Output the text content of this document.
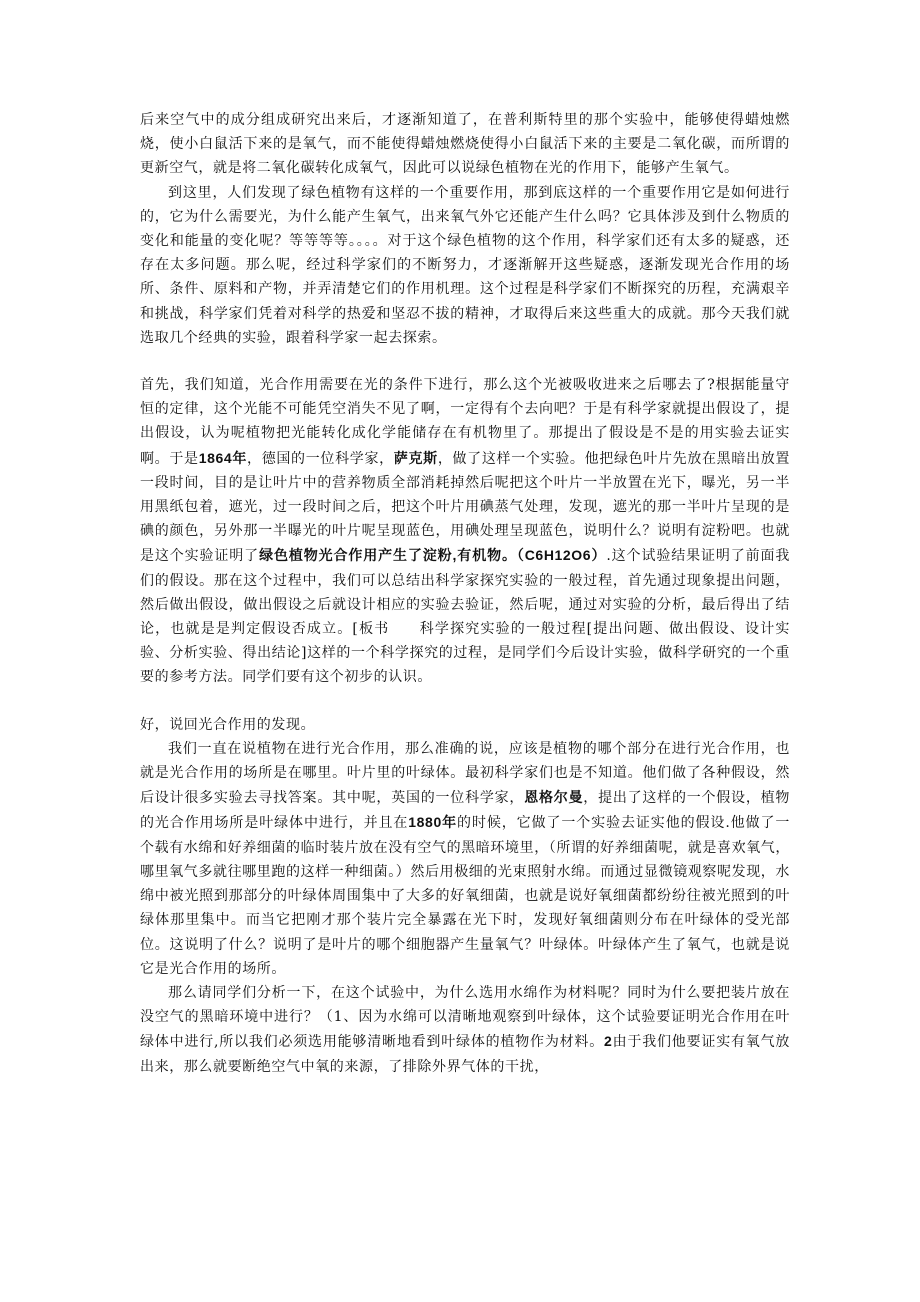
后来空气中的成分组成研究出来后，才逐渐知道了，在普利斯特里的那个实验中，能够使得蜡烛燃烧，使小白鼠活下来的是氧气，而不能使得蜡烛燃烧使得小白鼠活下来的主要是二氧化碳，而所谓的更新空气，就是将二氧化碳转化成氧气，因此可以说绿色植物在光的作用下，能够产生氧气。

到这里，人们发现了绿色植物有这样的一个重要作用，那到底这样的一个重要作用它是如何进行的，它为什么需要光，为什么能产生氧气，出来氧气外它还能产生什么吗？它具体涉及到什么物质的变化和能量的变化呢？等等等等。。。。对于这个绿色植物的这个作用，科学家们还有太多的疑惑，还存在太多问题。那么呢，经过科学家们的不断努力，才逐渐解开这些疑惑，逐渐发现光合作用的场所、条件、原料和产物，并弄清楚它们的作用机理。这个过程是科学家们不断探究的历程，充满艰辛和挑战，科学家们凭着对科学的热爱和坚忍不拔的精神，才取得后来这些重大的成就。那今天我们就选取几个经典的实验，跟着科学家一起去探索。

首先，我们知道，光合作用需要在光的条件下进行，那么这个光被吸收进来之后哪去了?根据能量守恒的定律，这个光能不可能凭空消失不见了啊，一定得有个去向吧？于是有科学家就提出假设了，提出假设，认为呢植物把光能转化成化学能储存在有机物里了。那提出了假设是不是的用实验去证实啊。于是1864年，德国的一位科学家，萨克斯，做了这样一个实验。他把绿色叶片先放在黑暗出放置一段时间，目的是让叶片中的营养物质全部消耗掉然后呢把这个叶片一半放置在光下，曝光，另一半用黑纸包着，遮光，过一段时间之后，把这个叶片用碘蒸气处理，发现，遮光的那一半叶片呈现的是碘的颜色，另外那一半曝光的叶片呢呈现蓝色，用碘处理呈现蓝色，说明什么？说明有淀粉吧。也就是这个实验证明了绿色植物光合作用产生了淀粉,有机物。（C6H12O6）.这个试验结果证明了前面我们的假设。那在这个过程中，我们可以总结出科学家探究实验的一般过程，首先通过现象提出问题，然后做出假设，做出假设之后就设计相应的实验去验证，然后呢，通过对实验的分析，最后得出了结论，也就是是判定假设否成立。[板书　　科学探究实验的一般过程[提出问题、做出假设、设计实验、分析实验、得出结论]这样的一个科学探究的过程，是同学们今后设计实验，做科学研究的一个重要的参考方法。同学们要有这个初步的认识。

好，说回光合作用的发现。

我们一直在说植物在进行光合作用，那么准确的说，应该是植物的哪个部分在进行光合作用，也就是光合作用的场所是在哪里。叶片里的叶绿体。最初科学家们也是不知道。他们做了各种假设，然后设计很多实验去寻找答案。其中呢，英国的一位科学家，恩格尔曼，提出了这样的一个假设，植物的光合作用场所是叶绿体中进行，并且在1880年的时候，它做了一个实验去证实他的假设.他做了一个载有水绵和好养细菌的临时装片放在没有空气的黑暗环境里，（所谓的好养细菌呢，就是喜欢氧气，哪里氧气多就往哪里跑的这样一种细菌。）然后用极细的光束照射水绵。而通过显微镜观察呢发现，水绵中被光照到那部分的叶绿体周围集中了大多的好氧细菌，也就是说好氧细菌都纷纷往被光照到的叶绿体那里集中。而当它把刚才那个装片完全暴露在光下时，发现好氧细菌则分布在叶绿体的受光部位。这说明了什么？说明了是叶片的哪个细胞器产生量氧气？叶绿体。叶绿体产生了氧气，也就是说它是光合作用的场所。

那么请同学们分析一下，在这个试验中，为什么选用水绵作为材料呢？同时为什么要把装片放在没空气的黑暗环境中进行？（1、因为水绵可以清晰地观察到叶绿体，这个试验要证明光合作用在叶绿体中进行,所以我们必须选用能够清晰地看到叶绿体的植物作为材料。2由于我们他要证实有氧气放出来，那么就要断绝空气中氧的来源，了排除外界气体的干扰，
